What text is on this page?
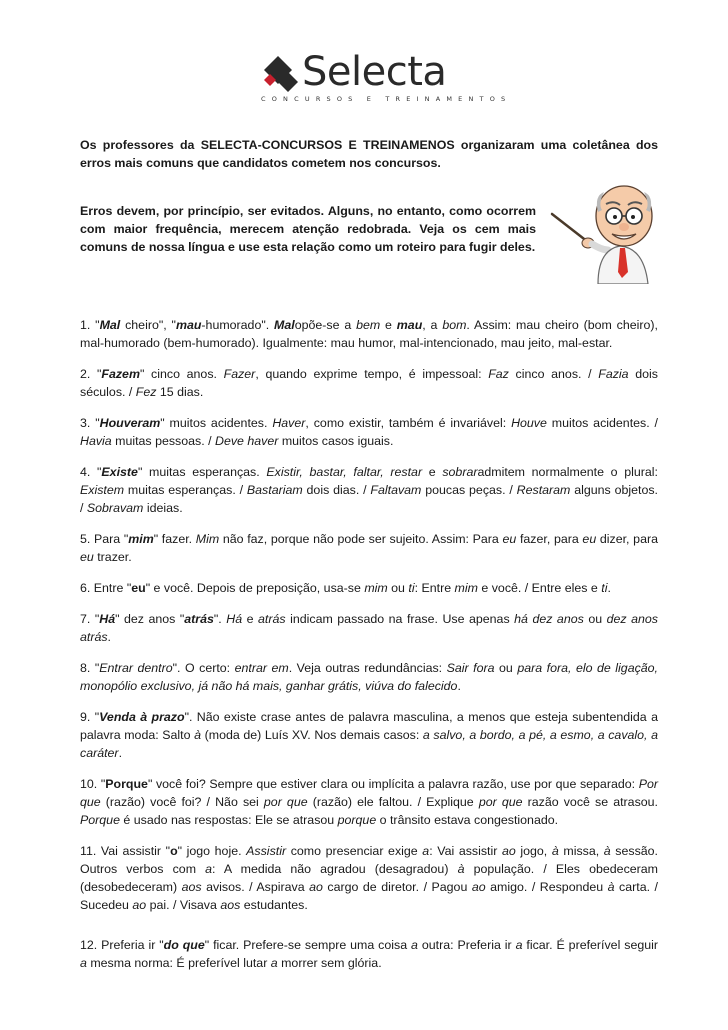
Selecta
CONCURSOS E TREINAMENTOS

Os professores da SELECTA-CONCURSOS E TREINAMENOS organizaram uma coletânea dos erros mais comuns que candidatos cometem nos concursos.

Erros devem, por princípio, ser evitados. Alguns, no entanto, como ocorrem com maior frequência, merecem atenção redobrada. Veja os cem mais comuns de nossa língua e use esta relação como um roteiro para fugir deles.

1. "Mal cheiro", "mau-humorado". Malopõe-se a bem e mau, a bom. Assim: mau cheiro (bom cheiro), mal-humorado (bem-humorado). Igualmente: mau humor, mal-intencionado, mau jeito, mal-estar.

2. "Fazem" cinco anos. Fazer, quando exprime tempo, é impessoal: Faz cinco anos. / Fazia dois séculos. / Fez 15 dias.

3. "Houveram" muitos acidentes. Haver, como existir, também é invariável: Houve muitos acidentes. / Havia muitas pessoas. / Deve haver muitos casos iguais.

4. "Existe" muitas esperanças. Existir, bastar, faltar, restar e sobraradmitem normalmente o plural: Existem muitas esperanças. / Bastariam dois dias. / Faltavam poucas peças. / Restaram alguns objetos. / Sobravam ideias.

5. Para "mim" fazer. Mim não faz, porque não pode ser sujeito. Assim: Para eu fazer, para eu dizer, para eu trazer.

6. Entre "eu" e você. Depois de preposição, usa-se mim ou ti: Entre mim e você. / Entre eles e ti.

7. "Há" dez anos "atrás". Há e atrás indicam passado na frase. Use apenas há dez anos ou dez anos atrás.

8. "Entrar dentro". O certo: entrar em. Veja outras redundâncias: Sair fora ou para fora, elo de ligação, monopólio exclusivo, já não há mais, ganhar grátis, viúva do falecido.

9. "Venda à prazo". Não existe crase antes de palavra masculina, a menos que esteja subentendida a palavra moda: Salto à (moda de) Luís XV. Nos demais casos: a salvo, a bordo, a pé, a esmo, a cavalo, a caráter.

10. "Porque" você foi? Sempre que estiver clara ou implícita a palavra razão, use por que separado: Por que (razão) você foi? / Não sei por que (razão) ele faltou. / Explique por que razão você se atrasou. Porque é usado nas respostas: Ele se atrasou porque o trânsito estava congestionado.

11. Vai assistir "o" jogo hoje. Assistir como presenciar exige a: Vai assistir ao jogo, à missa, à sessão. Outros verbos com a: A medida não agradou (desagradou) à população. / Eles obedeceram (desobedeceram) aos avisos. / Aspirava ao cargo de diretor. / Pagou ao amigo. / Respondeu à carta. / Sucedeu ao pai. / Visava aos estudantes.

12. Preferia ir "do que" ficar. Prefere-se sempre uma coisa a outra: Preferia ir a ficar. É preferível seguir a mesma norma: É preferível lutar a morrer sem glória.
